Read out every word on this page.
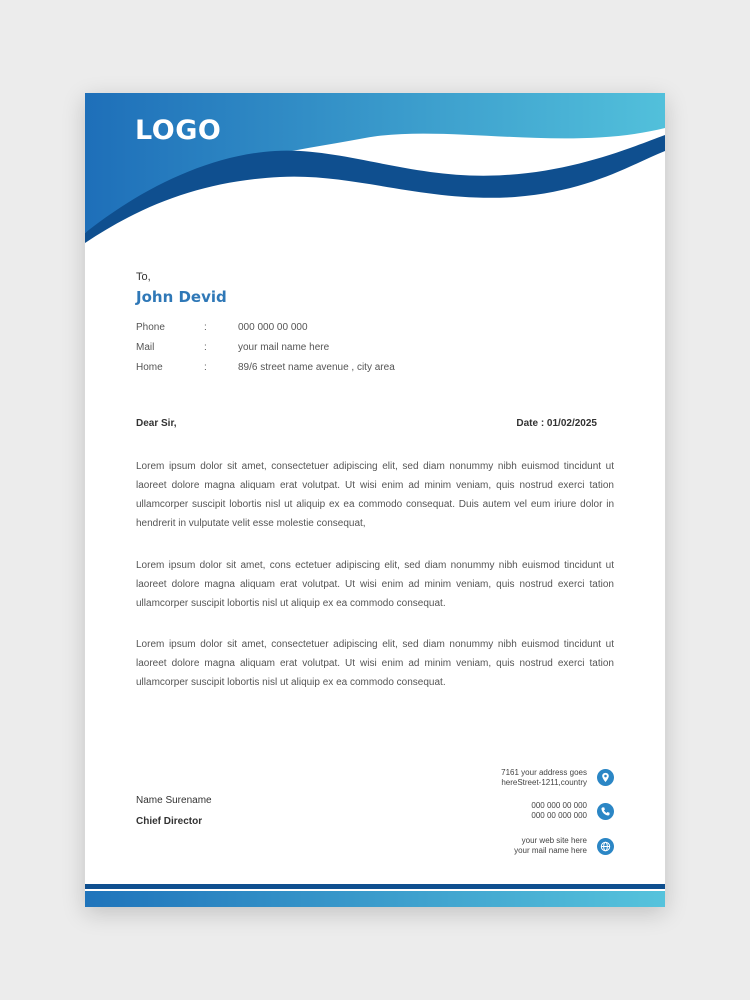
LOGO
To,
John Devid
Phone	:	000 000 00 000
Mail	:	your mail name here
Home	:	89/6 street name avenue , city area
Dear Sir,	Date : 01/02/2025

Lorem ipsum dolor sit amet, consectetuer adipiscing elit, sed diam nonummy nibh euismod tincidunt ut laoreet dolore magna aliquam erat volutpat. Ut wisi enim ad minim veniam, quis nostrud exerci tation ullamcorper suscipit lobortis nisl ut aliquip ex ea commodo consequat. Duis autem vel eum iriure dolor in hendrerit in vulputate velit esse molestie consequat,

Lorem ipsum dolor sit amet, cons ectetuer adipiscing elit, sed diam nonummy nibh euismod tincidunt ut laoreet dolore magna aliquam erat volutpat. Ut wisi enim ad minim veniam, quis nostrud exerci tation ullamcorper suscipit lobortis nisl ut aliquip ex ea commodo consequat.

Lorem ipsum dolor sit amet, consectetuer adipiscing elit, sed diam nonummy nibh euismod tincidunt ut laoreet dolore magna aliquam erat volutpat. Ut wisi enim ad minim veniam, quis nostrud exerci tation ullamcorper suscipit lobortis nisl ut aliquip ex ea commodo consequat.

Name Surename
Chief Director
7161 your address goes
hereStreet-1211,country
000 000 00 000
000 00 000 000
your web site here
your mail name here
